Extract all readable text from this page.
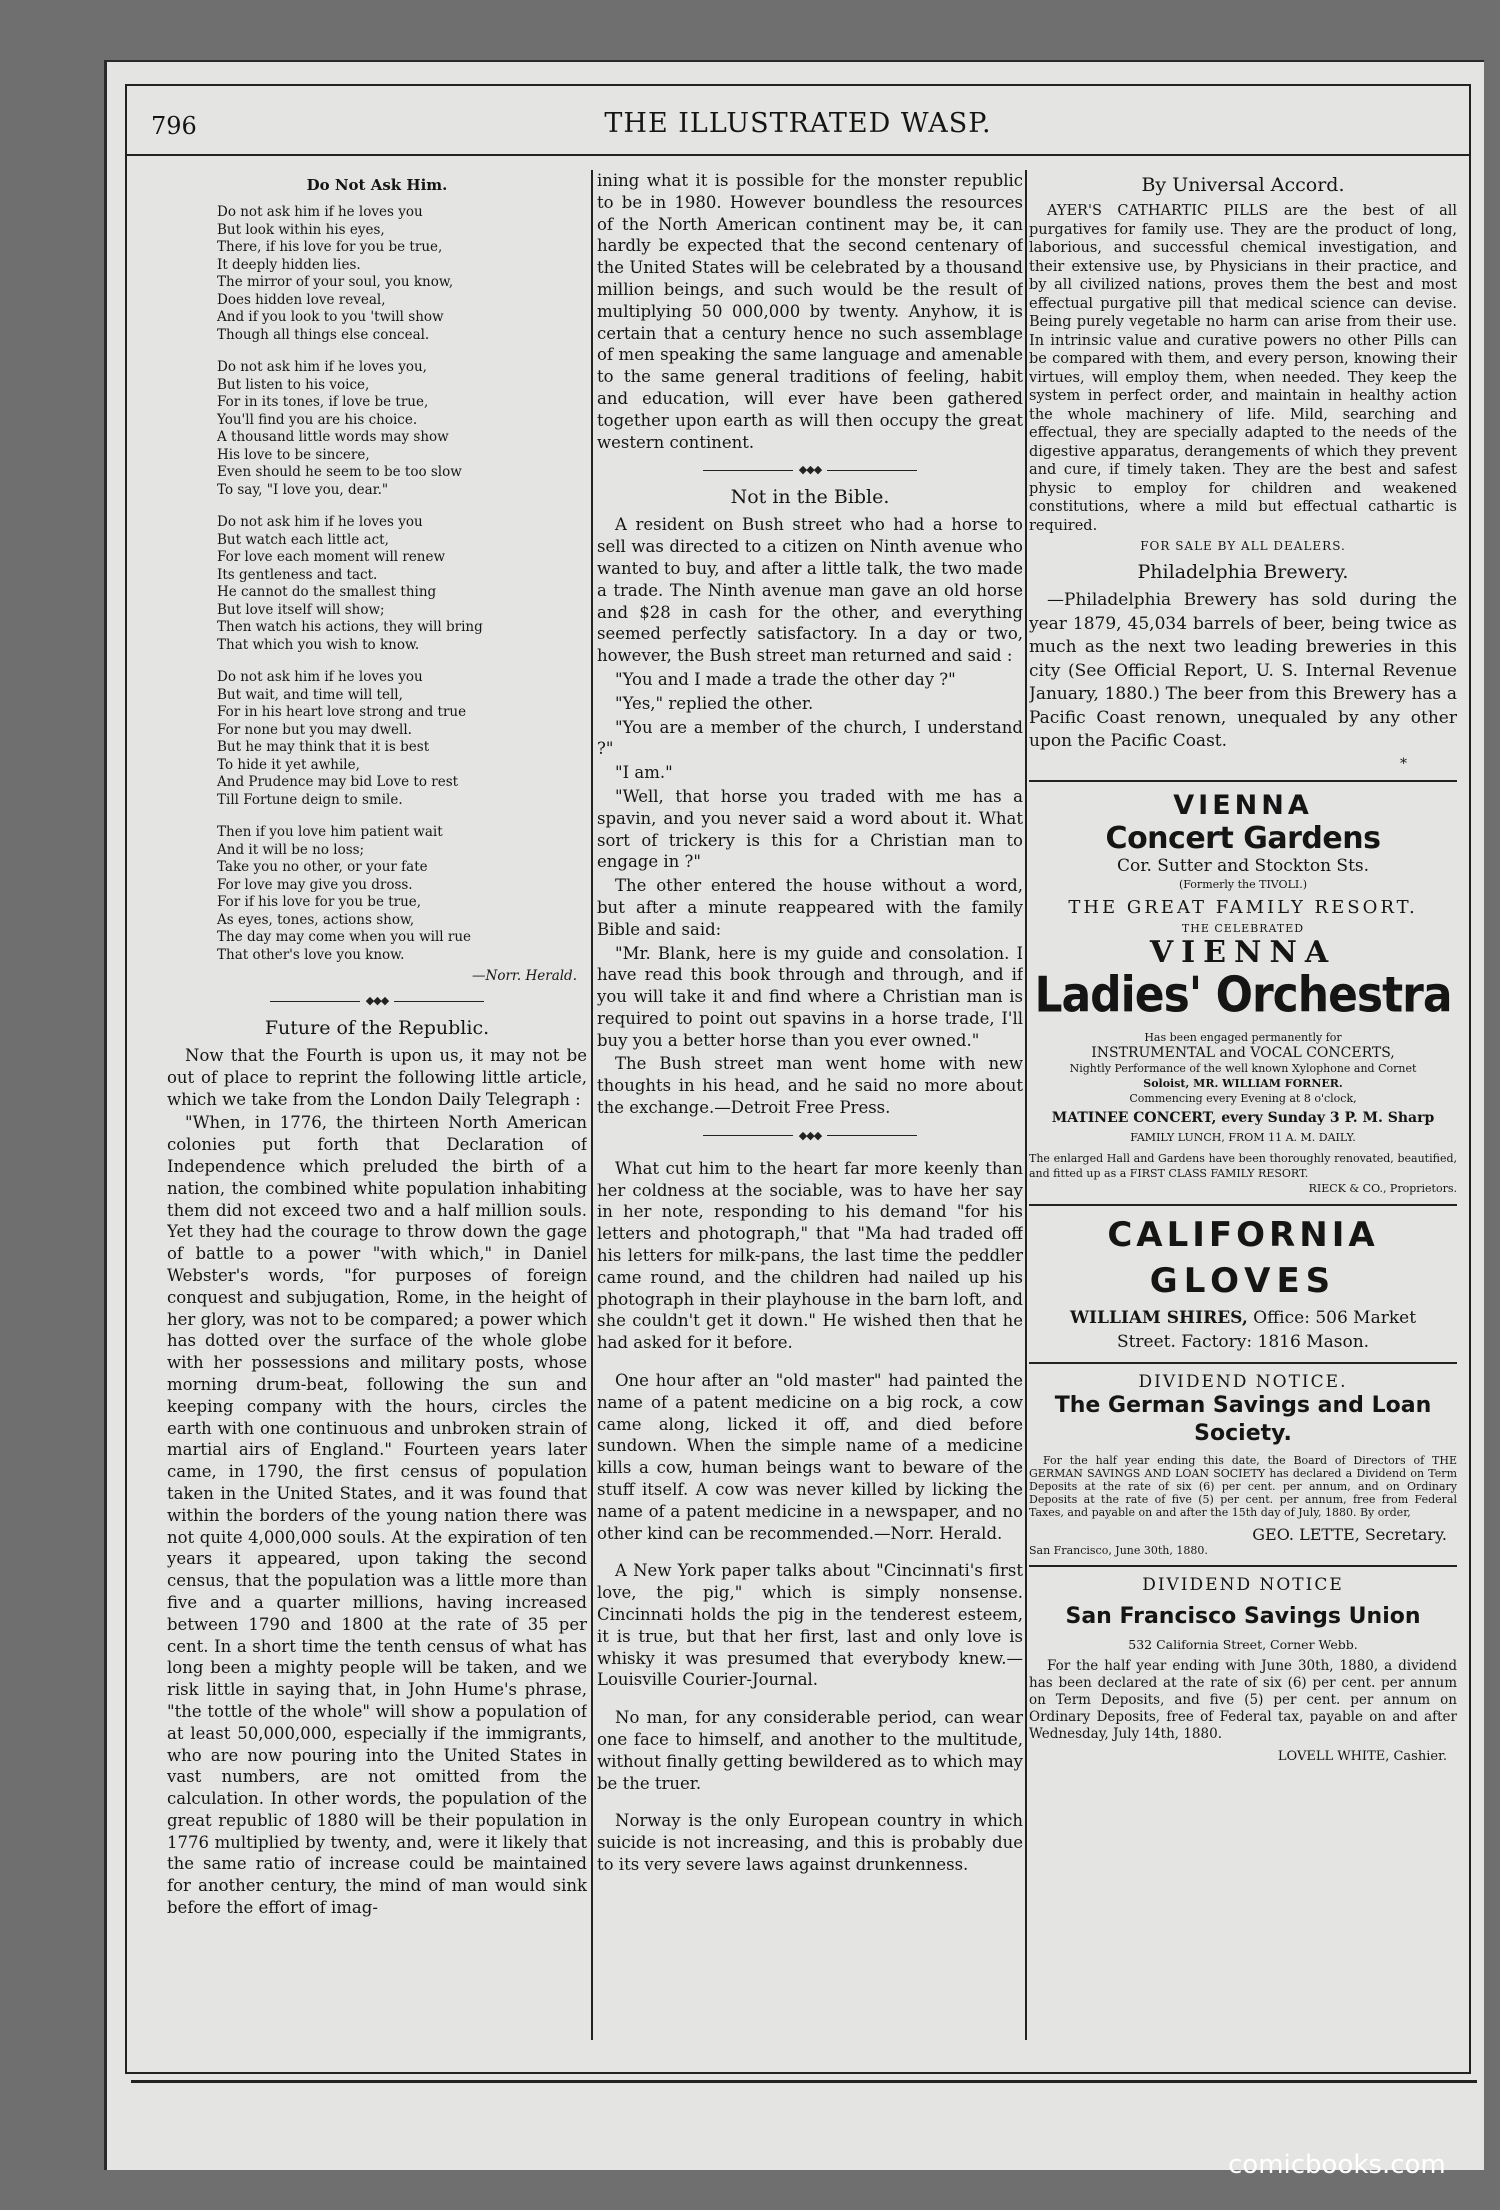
796	THE ILLUSTRATED WASP.
Do Not Ask Him.
Do not ask him if he loves you
But look within his eyes,
There, if his love for you be true,
It deeply hidden lies.
The mirror of your soul, you know,
Does hidden love reveal,
And if you look to you 'twill show
Though all things else conceal.
Do not ask him if he loves you,
But listen to his voice,
For in its tones, if love be true,
You'll find you are his choice.
A thousand little words may show
His love to be sincere,
Even should he seem to be too slow
To say, "I love you, dear."
Do not ask him if he loves you
But watch each little act,
For love each moment will renew
Its gentleness and tact.
He cannot do the smallest thing
But love itself will show;
Then watch his actions, they will bring
That which you wish to know.
Do not ask him if he loves you
But wait, and time will tell,
For in his heart love strong and true
For none but you may dwell.
But he may think that it is best
To hide it yet awhile,
And Prudence may bid Love to rest
Till Fortune deign to smile.
Then if you love him patient wait
And it will be no loss;
Take you no other, or your fate
For love may give you dross.
For if his love for you be true,
As eyes, tones, actions show,
The day may come when you will rue
That other's love you know.
—Norr. Herald.
◆◆◆
Future of the Republic.

Now that the Fourth is upon us, it may not be out of place to reprint the following little article, which we take from the London Daily Telegraph :

"When, in 1776, the thirteen North American colonies put forth that Declaration of Independence which preluded the birth of a nation, the combined white population inhabiting them did not exceed two and a half million souls. Yet they had the courage to throw down the gage of battle to a power "with which," in Daniel Webster's words, "for purposes of foreign conquest and subjugation, Rome, in the height of her glory, was not to be compared; a power which has dotted over the surface of the whole globe with her possessions and military posts, whose morning drum-beat, following the sun and keeping company with the hours, circles the earth with one continuous and unbroken strain of martial airs of England." Fourteen years later came, in 1790, the first census of population taken in the United States, and it was found that within the borders of the young nation there was not quite 4,000,000 souls. At the expiration of ten years it appeared, upon taking the second census, that the population was a little more than five and a quarter millions, having increased between 1790 and 1800 at the rate of 35 per cent. In a short time the tenth census of what has long been a mighty people will be taken, and we risk little in saying that, in John Hume's phrase, "the tottle of the whole" will show a population of at least 50,000,000, especially if the immigrants, who are now pouring into the United States in vast numbers, are not omitted from the calculation. In other words, the population of the great republic of 1880 will be their population in 1776 multiplied by twenty, and, were it likely that the same ratio of increase could be maintained for another century, the mind of man would sink before the effort of imag-

ining what it is possible for the monster republic to be in 1980. However boundless the resources of the North American continent may be, it can hardly be expected that the second centenary of the United States will be celebrated by a thousand million beings, and such would be the result of multiplying 50 000,000 by twenty. Anyhow, it is certain that a century hence no such assemblage of men speaking the same language and amenable to the same general traditions of feeling, habit and education, will ever have been gathered together upon earth as will then occupy the great western continent.

◆◆◆
Not in the Bible.

A resident on Bush street who had a horse to sell was directed to a citizen on Ninth avenue who wanted to buy, and after a little talk, the two made a trade. The Ninth avenue man gave an old horse and $28 in cash for the other, and everything seemed perfectly satisfactory. In a day or two, however, the Bush street man returned and said :

"You and I made a trade the other day ?"

"Yes," replied the other.

"You are a member of the church, I understand ?"

"I am."

"Well, that horse you traded with me has a spavin, and you never said a word about it. What sort of trickery is this for a Christian man to engage in ?"

The other entered the house without a word, but after a minute reappeared with the family Bible and said:

"Mr. Blank, here is my guide and consolation. I have read this book through and through, and if you will take it and find where a Christian man is required to point out spavins in a horse trade, I'll buy you a better horse than you ever owned."

The Bush street man went home with new thoughts in his head, and he said no more about the exchange.—Detroit Free Press.

◆◆◆

What cut him to the heart far more keenly than her coldness at the sociable, was to have her say in her note, responding to his demand "for his letters and photograph," that "Ma had traded off his letters for milk-pans, the last time the peddler came round, and the children had nailed up his photograph in their playhouse in the barn loft, and she couldn't get it down." He wished then that he had asked for it before.

One hour after an "old master" had painted the name of a patent medicine on a big rock, a cow came along, licked it off, and died before sundown. When the simple name of a medicine kills a cow, human beings want to beware of the stuff itself. A cow was never killed by licking the name of a patent medicine in a newspaper, and no other kind can be recommended.—Norr. Herald.

A New York paper talks about "Cincinnati's first love, the pig," which is simply nonsense. Cincinnati holds the pig in the tenderest esteem, it is true, but that her first, last and only love is whisky it was presumed that everybody knew.—Louisville Courier-Journal.

No man, for any considerable period, can wear one face to himself, and another to the multitude, without finally getting bewildered as to which may be the truer.

Norway is the only European country in which suicide is not increasing, and this is probably due to its very severe laws against drunkenness.

By Universal Accord.

AYER'S CATHARTIC PILLS are the best of all purgatives for family use. They are the product of long, laborious, and successful chemical investigation, and their extensive use, by Physicians in their practice, and by all civilized nations, proves them the best and most effectual purgative pill that medical science can devise. Being purely vegetable no harm can arise from their use. In intrinsic value and curative powers no other Pills can be compared with them, and every person, knowing their virtues, will employ them, when needed. They keep the system in perfect order, and maintain in healthy action the whole machinery of life. Mild, searching and effectual, they are specially adapted to the needs of the digestive apparatus, derangements of which they prevent and cure, if timely taken. They are the best and safest physic to employ for children and weakened constitutions, where a mild but effectual cathartic is required.

FOR SALE BY ALL DEALERS.
Philadelphia Brewery.

—Philadelphia Brewery has sold during the year 1879, 45,034 barrels of beer, being twice as much as the next two leading breweries in this city (See Official Report, U. S. Internal Revenue January, 1880.) The beer from this Brewery has a Pacific Coast renown, unequaled by any other upon the Pacific Coast.

*
VIENNA
Concert Gardens
Cor. Sutter and Stockton Sts.
(Formerly the TIVOLI.)
THE GREAT FAMILY RESORT.
THE CELEBRATED
VIENNA
Ladies' Orchestra
Has been engaged permanently for
INSTRUMENTAL and VOCAL CONCERTS,
Nightly Performance of the well known Xylophone and Cornet
Soloist, MR. WILLIAM FORNER.
Commencing every Evening at 8 o'clock,
MATINEE CONCERT, every Sunday 3 P. M. Sharp
FAMILY LUNCH, FROM 11 A. M. DAILY.
The enlarged Hall and Gardens have been thoroughly renovated, beautified, and fitted up as a FIRST CLASS FAMILY RESORT.
RIECK & CO., Proprietors.
CALIFORNIA
GLOVES
WILLIAM SHIRES, Office: 506 Market
Street. Factory: 1816 Mason.
DIVIDEND NOTICE.
The German Savings and Loan Society.
For the half year ending this date, the Board of Directors of THE GERMAN SAVINGS AND LOAN SOCIETY has declared a Dividend on Term Deposits at the rate of six (6) per cent. per annum, and on Ordinary Deposits at the rate of five (5) per cent. per annum, free from Federal Taxes, and payable on and after the 15th day of July, 1880. By order,
GEO. LETTE, Secretary.
San Francisco, June 30th, 1880.
DIVIDEND NOTICE
San Francisco Savings Union
532 California Street, Corner Webb.

For the half year ending with June 30th, 1880, a dividend has been declared at the rate of six (6) per cent. per annum on Term Deposits, and five (5) per cent. per annum on Ordinary Deposits, free of Federal tax, payable on and after Wednesday, July 14th, 1880.

LOVELL WHITE, Cashier.
comicbooks.com
